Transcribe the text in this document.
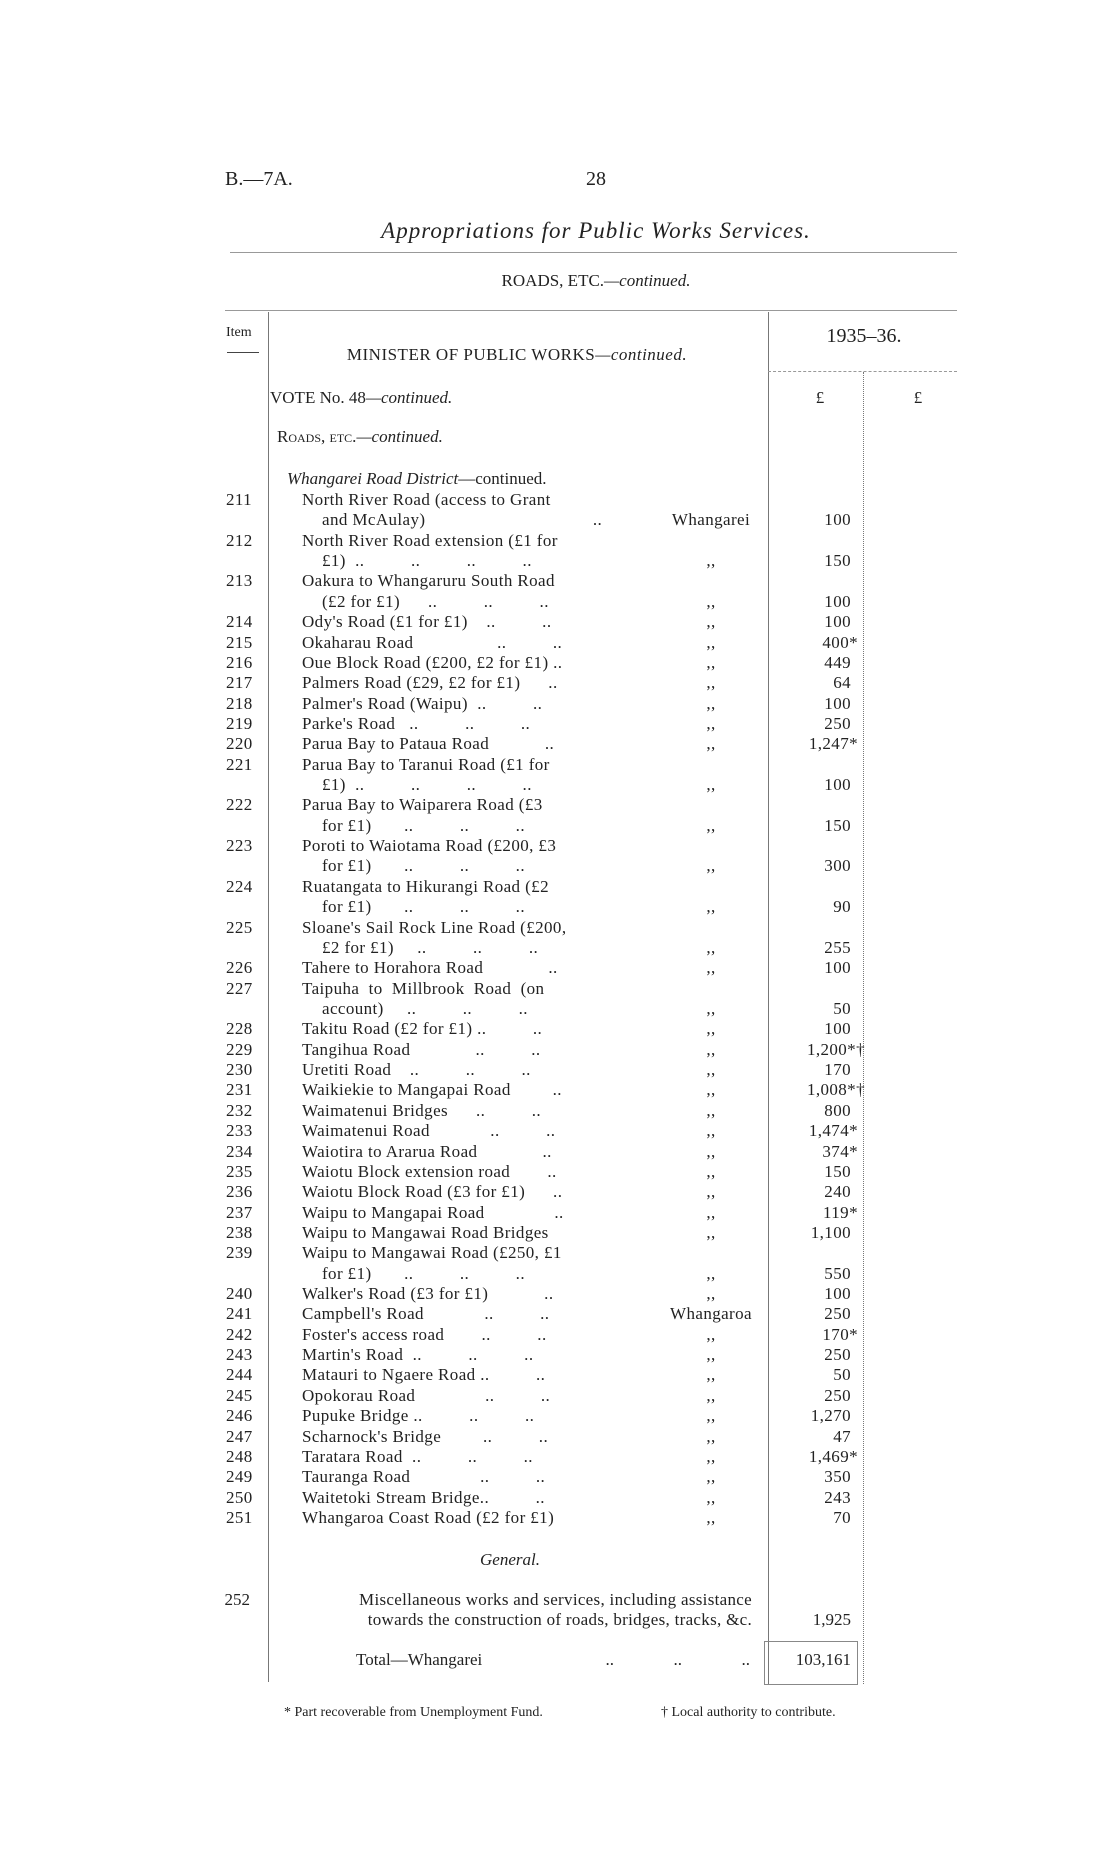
B.—7A.	28
Appropriations for Public Works Services.
ROADS, ETC.—continued.
Item
MINISTER OF PUBLIC WORKS—continued.
1935–36.
£	£
VOTE No. 48—continued.
Roads, etc.—continued.
Whangarei Road District—continued.
211	North River Road (access to Grant
and McAulay)                                    ..	Whangarei	100
212	North River Road extension (£1 for
£1)  ..          ..          ..          ..	,,	150
213	Oakura to Whangaruru South Road
(£2 for £1)      ..          ..          ..	,,	100
214	Ody's Road (£1 for £1)    ..          ..	,,	100
215	Okaharau Road                  ..          ..	,,	400*
216	Oue Block Road (£200, £2 for £1) ..	,,	449
217	Palmers Road (£29, £2 for £1)      ..	,,	64
218	Palmer's Road (Waipu)  ..          ..	,,	100
219	Parke's Road   ..          ..          ..	,,	250
220	Parua Bay to Pataua Road            ..	,,	1,247*
221	Parua Bay to Taranui Road (£1 for
£1)  ..          ..          ..          ..	,,	100
222	Parua Bay to Waiparera Road (£3
for £1)       ..          ..          ..	,,	150
223	Poroti to Waiotama Road (£200, £3
for £1)       ..          ..          ..	,,	300
224	Ruatangata to Hikurangi Road (£2
for £1)       ..          ..          ..	,,	90
225	Sloane's Sail Rock Line Road (£200,
£2 for £1)     ..          ..          ..	,,	255
226	Tahere to Horahora Road              ..	,,	100
227	Taipuha  to  Millbrook  Road  (on
account)     ..          ..          ..	,,	50
228	Takitu Road (£2 for £1) ..          ..	,,	100
229	Tangihua Road              ..          ..	,,	1,200*†
230	Uretiti Road    ..          ..          ..	,,	170
231	Waikiekie to Mangapai Road         ..	,,	1,008*†
232	Waimatenui Bridges      ..          ..	,,	800
233	Waimatenui Road             ..          ..	,,	1,474*
234	Waiotira to Ararua Road              ..	,,	374*
235	Waiotu Block extension road        ..	,,	150
236	Waiotu Block Road (£3 for £1)      ..	,,	240
237	Waipu to Mangapai Road               ..	,,	119*
238	Waipu to Mangawai Road Bridges	,,	1,100
239	Waipu to Mangawai Road (£250, £1
for £1)       ..          ..          ..	,,	550
240	Walker's Road (£3 for £1)            ..	,,	100
241	Campbell's Road             ..          ..	Whangaroa	250
242	Foster's access road        ..          ..	,,	170*
243	Martin's Road  ..          ..          ..	,,	250
244	Matauri to Ngaere Road ..          ..	,,	50
245	Opokorau Road               ..          ..	,,	250
246	Pupuke Bridge ..          ..          ..	,,	1,270
247	Scharnock's Bridge         ..          ..	,,	47
248	Taratara Road  ..          ..          ..	,,	1,469*
249	Tauranga Road               ..          ..	,,	350
250	Waitetoki Stream Bridge..          ..	,,	243
251	Whangaroa Coast Road (£2 for £1)	,,	70
General.
252	Miscellaneous works and services, including assistance
towards the construction of roads, bridges, tracks, &c.	1,925
Total—Whangarei	..              ..              ..	103,161
* Part recoverable from Unemployment Fund.	† Local authority to contribute.
